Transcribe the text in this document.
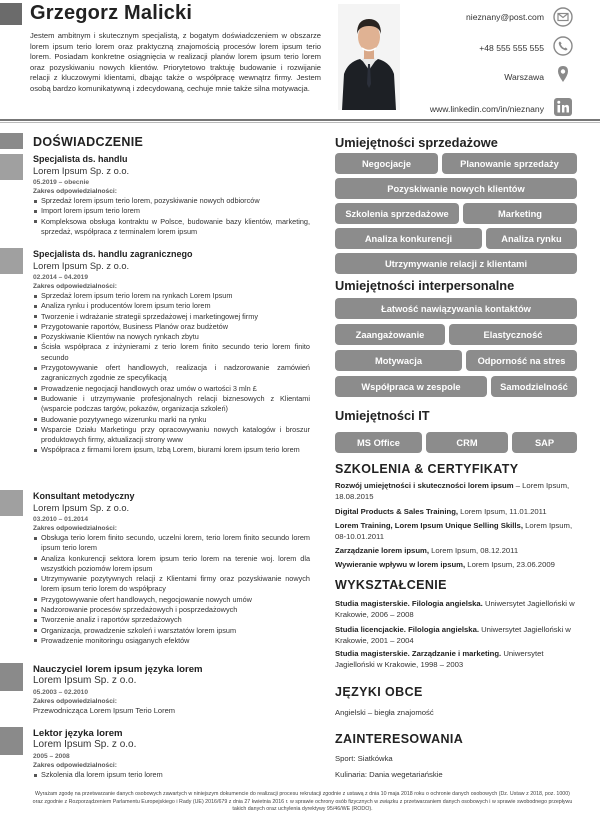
Grzegorz Malicki
Jestem ambitnym i skutecznym specjalistą, z bogatym doświadczeniem w obszarze lorem ipsum terio lorem oraz praktyczną znajomością procesów lorem ipsum terio lorem. Posiadam konkretne osiągnięcia w realizacji planów lorem ipsum terio lorem oraz pozyskiwaniu nowych klientów. Priorytetowo traktuję budowanie i rozwijanie relacji z kluczowymi klientami, dbając także o współpracę wewnątrz firmy. Jestem osobą bardzo komunikatywną i zdecydowaną, cechuje mnie także silna motywacja.
nieznany@post.com
+48 555 555 555
Warszawa
www.linkedin.com/in/nieznany
DOŚWIADCZENIE
Specjalista ds. handlu
Lorem Ipsum Sp. z o.o.
05.2019 – obecnie
Zakres odpowiedzialności:
Sprzedaż lorem ipsum terio lorem, pozyskiwanie nowych odbiorców
Import lorem ipsum terio lorem
Kompleksowa obsługa kontraktu w Polsce, budowanie bazy klientów, marketing, sprzedaż, współpraca z terminalem lorem ipsum
Specjalista ds. handlu zagranicznego
Lorem Ipsum Sp. z o.o.
02.2014 – 04.2019
Zakres odpowiedzialności:
Sprzedaż lorem ipsum terio lorem na rynkach Lorem Ipsum
Analiza rynku i producentów lorem ipsum terio lorem
Tworzenie i wdrażanie strategii sprzedażowej i marketingowej firmy
Przygotowanie raportów, Business Planów oraz budżetów
Pozyskiwanie Klientów na nowych rynkach zbytu
Ścisła współpraca z inżynierami z terio lorem finito secundo terio lorem finito secundo
Przygotowywanie ofert handlowych, realizacja i nadzorowanie zamówień zagranicznych zgodnie ze specyfikacją
Prowadzenie negocjacji handlowych oraz umów o wartości 3 mln £
Budowanie i utrzymywanie profesjonalnych relacji biznesowych z Klientami (wsparcie podczas targów, pokazów, organizacja szkoleń)
Budowanie pozytywnego wizerunku marki na rynku
Wsparcie Działu Marketingu przy opracowywaniu nowych katalogów i broszur produktowych firmy, aktualizacji strony www
Współpraca z firmami lorem ipsum, Izbą Lorem, biurami lorem ipsum terio lorem
Konsultant metodyczny
Lorem Ipsum Sp. z o.o.
03.2010 – 01.2014
Zakres odpowiedzialności:
Obsługa terio lorem finito secundo, uczelni lorem, terio lorem finito secundo lorem ipsum terio lorem
Analiza konkurencji sektora lorem ipsum terio lorem na terenie woj. lorem dla wszystkich poziomów lorem ipsum
Utrzymywanie pozytywnych relacji z Klientami firmy oraz pozyskiwanie nowych lorem ipsum terio lorem do współpracy
Przygotowywanie ofert handlowych, negocjowanie nowych umów
Nadzorowanie procesów sprzedażowych i posprzedażowych
Tworzenie analiz i raportów sprzedażowych
Organizacja, prowadzenie szkoleń i warsztatów lorem ipsum
Prowadzenie monitoringu osiąganych efektów
Nauczyciel lorem ipsum języka lorem
Lorem Ipsum Sp. z o.o.
05.2003 – 02.2010
Zakres odpowiedzialności:
Przewodnicząca Lorem Ipsum Terio Lorem
Lektor języka lorem
Lorem Ipsum Sp. z o.o.
2005 – 2008
Zakres odpowiedzialności:
Szkolenia dla lorem ipsum terio lorem
Umiejętności sprzedażowe
Negocjacje	Planowanie sprzedaży
Pozyskiwanie nowych klientów
Szkolenia sprzedażowe	Marketing
Analiza konkurencji	Analiza rynku
Utrzymywanie relacji z klientami
Umiejętności interpersonalne
Łatwość nawiązywania kontaktów
Zaangażowanie	Elastyczność
Motywacja	Odporność na stres
Współpraca w zespole	Samodzielność
Umiejętności IT
MS Office	CRM	SAP
SZKOLENIA & CERTYFIKATY
Rozwój umiejętności i skuteczności lorem ipsum – Lorem Ipsum, 18.08.2015
Digital Products & Sales Training, Lorem Ipsum, 11.01.2011
Lorem Training, Lorem Ipsum Unique Selling Skills, Lorem Ipsum, 08-10.01.2011
Zarządzanie lorem ipsum, Lorem Ipsum, 08.12.2011
Wywieranie wpływu w lorem ipsum, Lorem Ipsum, 23.06.2009
WYKSZTAŁCENIE
Studia magisterskie. Filologia angielska. Uniwersytet Jagielloński w Krakowie, 2006 – 2008
Studia licencjackie. Filologia angielska. Uniwersytet Jagielloński w Krakowie, 2001 – 2004
Studia magisterskie. Zarządzanie i marketing. Uniwersytet Jagielloński w Krakowie, 1998 – 2003
JĘZYKI OBCE
Angielski – biegła znajomość
ZAINTERESOWANIA
Sport: Siatkówka
Kulinaria: Dania wegetariańskie
Wyrażam zgodę na przetwarzanie danych osobowych zawartych w niniejszym dokumencie do realizacji procesu rekrutacji zgodnie z ustawą z dnia 10 maja 2018 roku o ochronie danych osobowych (Dz. Ustaw z 2018, poz. 1000) oraz zgodnie z Rozporządzeniem Parlamentu Europejskiego i Rady (UE) 2016/679 z dnia 27 kwietnia 2016 r. w sprawie ochrony osób fizycznych w związku z przetwarzaniem danych osobowych i w sprawie swobodnego przepływu takich danych oraz uchylenia dyrektywy 95/46/WE (RODO).
